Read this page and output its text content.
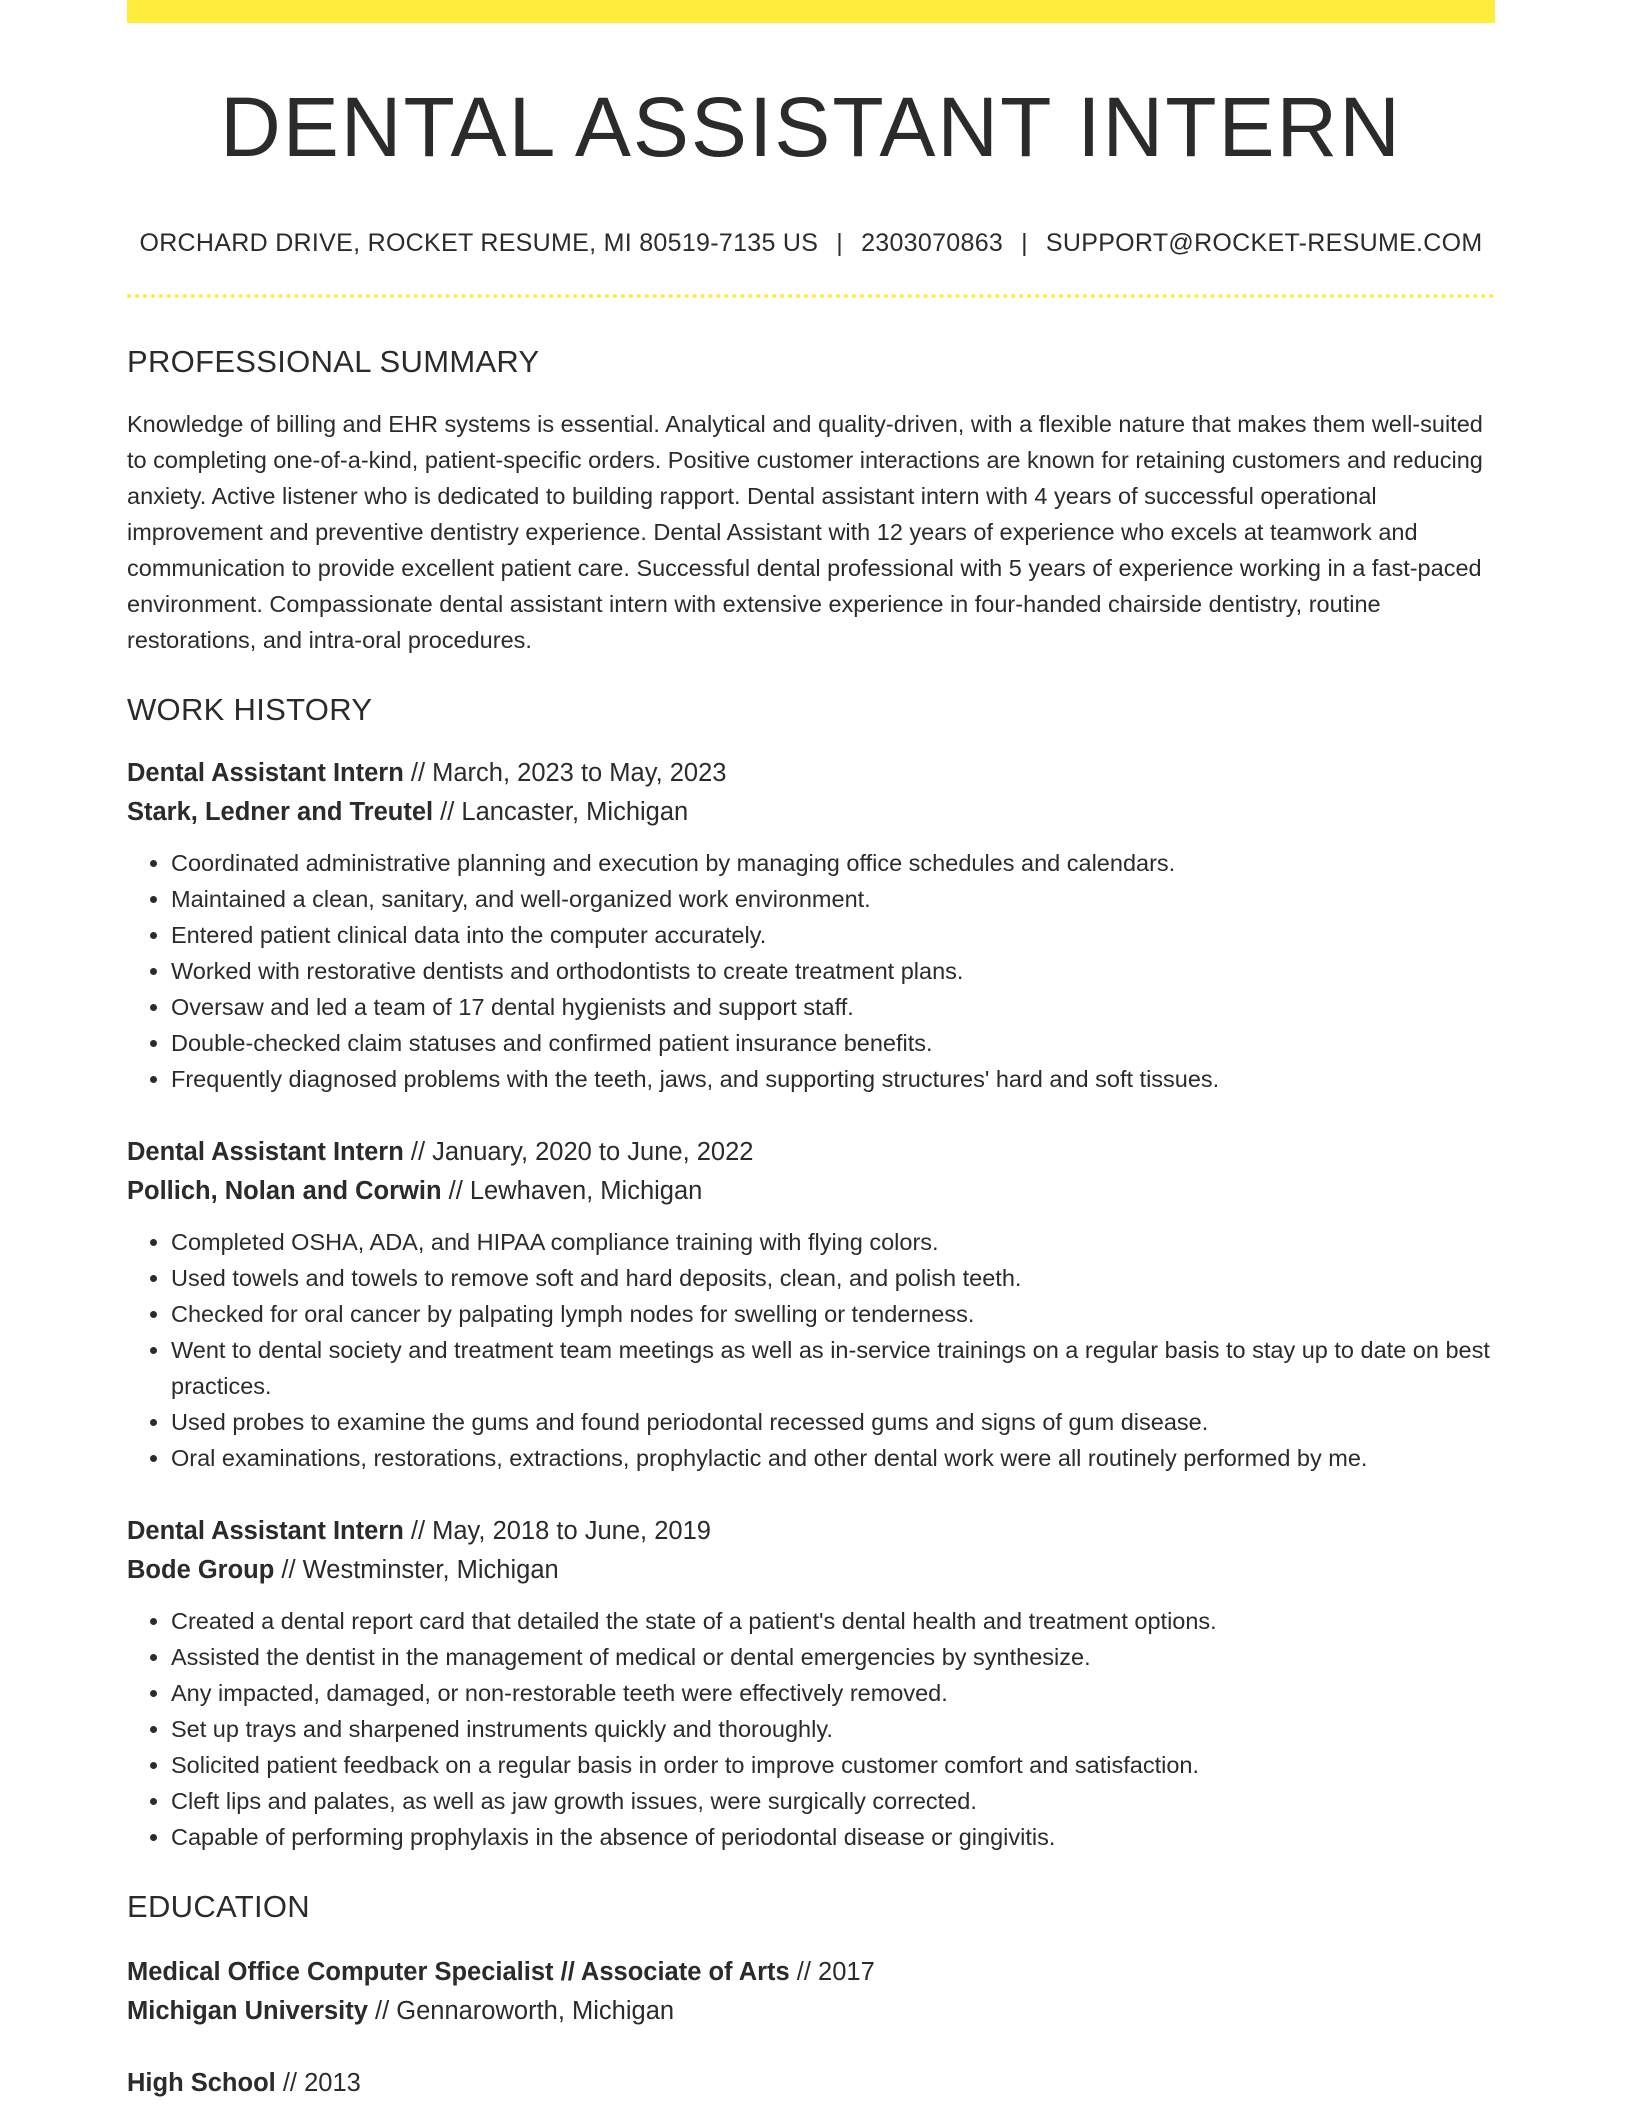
DENTAL ASSISTANT INTERN
ORCHARD DRIVE, ROCKET RESUME, MI 80519-7135 US | 2303070863 | SUPPORT@ROCKET-RESUME.COM
PROFESSIONAL SUMMARY
Knowledge of billing and EHR systems is essential. Analytical and quality-driven, with a flexible nature that makes them well-suited to completing one-of-a-kind, patient-specific orders. Positive customer interactions are known for retaining customers and reducing anxiety. Active listener who is dedicated to building rapport. Dental assistant intern with 4 years of successful operational improvement and preventive dentistry experience. Dental Assistant with 12 years of experience who excels at teamwork and communication to provide excellent patient care. Successful dental professional with 5 years of experience working in a fast-paced environment. Compassionate dental assistant intern with extensive experience in four-handed chairside dentistry, routine restorations, and intra-oral procedures.
WORK HISTORY
Dental Assistant Intern // March, 2023 to May, 2023
Stark, Ledner and Treutel // Lancaster, Michigan
• Coordinated administrative planning and execution by managing office schedules and calendars.
• Maintained a clean, sanitary, and well-organized work environment.
• Entered patient clinical data into the computer accurately.
• Worked with restorative dentists and orthodontists to create treatment plans.
• Oversaw and led a team of 17 dental hygienists and support staff.
• Double-checked claim statuses and confirmed patient insurance benefits.
• Frequently diagnosed problems with the teeth, jaws, and supporting structures' hard and soft tissues.
Dental Assistant Intern // January, 2020 to June, 2022
Pollich, Nolan and Corwin // Lewhaven, Michigan
• Completed OSHA, ADA, and HIPAA compliance training with flying colors.
• Used towels and towels to remove soft and hard deposits, clean, and polish teeth.
• Checked for oral cancer by palpating lymph nodes for swelling or tenderness.
• Went to dental society and treatment team meetings as well as in-service trainings on a regular basis to stay up to date on best practices.
• Used probes to examine the gums and found periodontal recessed gums and signs of gum disease.
• Oral examinations, restorations, extractions, prophylactic and other dental work were all routinely performed by me.
Dental Assistant Intern // May, 2018 to June, 2019
Bode Group // Westminster, Michigan
• Created a dental report card that detailed the state of a patient's dental health and treatment options.
• Assisted the dentist in the management of medical or dental emergencies by synthesize.
• Any impacted, damaged, or non-restorable teeth were effectively removed.
• Set up trays and sharpened instruments quickly and thoroughly.
• Solicited patient feedback on a regular basis in order to improve customer comfort and satisfaction.
• Cleft lips and palates, as well as jaw growth issues, were surgically corrected.
• Capable of performing prophylaxis in the absence of periodontal disease or gingivitis.
EDUCATION
Medical Office Computer Specialist // Associate of Arts // 2017
Michigan University // Gennaroworth, Michigan
High School // 2013
